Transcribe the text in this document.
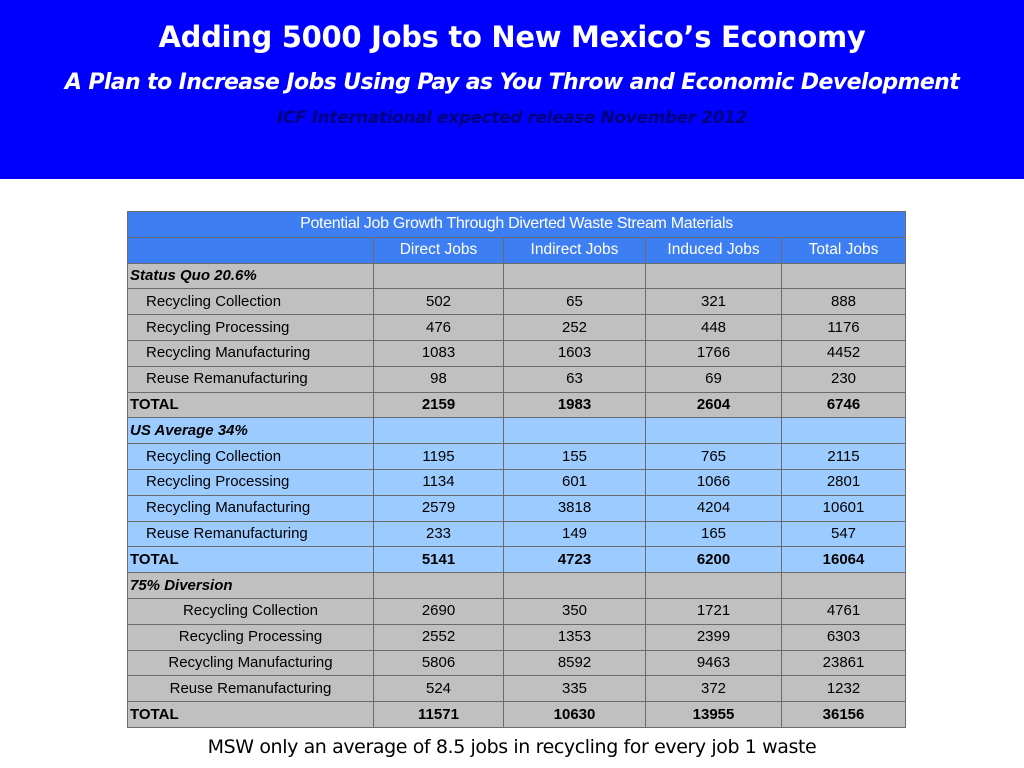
Adding 5000 Jobs to New Mexico’s Economy
A Plan to Increase Jobs Using Pay as You Throw and Economic Development
ICF International expected release November 2012
Potential Job Growth Through Diverted Waste Stream Materials				
	Direct Jobs	Indirect Jobs	Induced Jobs	Total Jobs
Status Quo 20.6%				
Recycling Collection	502	65	321	888
Recycling Processing	476	252	448	1176
Recycling Manufacturing	1083	1603	1766	4452
Reuse Remanufacturing	98	63	69	230
TOTAL	2159	1983	2604	6746
US Average 34%				
Recycling Collection	1195	155	765	2115
Recycling Processing	1134	601	1066	2801
Recycling Manufacturing	2579	3818	4204	10601
Reuse Remanufacturing	233	149	165	547
TOTAL	5141	4723	6200	16064
75% Diversion				
Recycling Collection	2690	350	1721	4761
Recycling Processing	2552	1353	2399	6303
Recycling Manufacturing	5806	8592	9463	23861
Reuse Remanufacturing	524	335	372	1232
TOTAL	11571	10630	13955	36156
MSW only an average of 8.5 jobs in recycling for every job 1 waste
